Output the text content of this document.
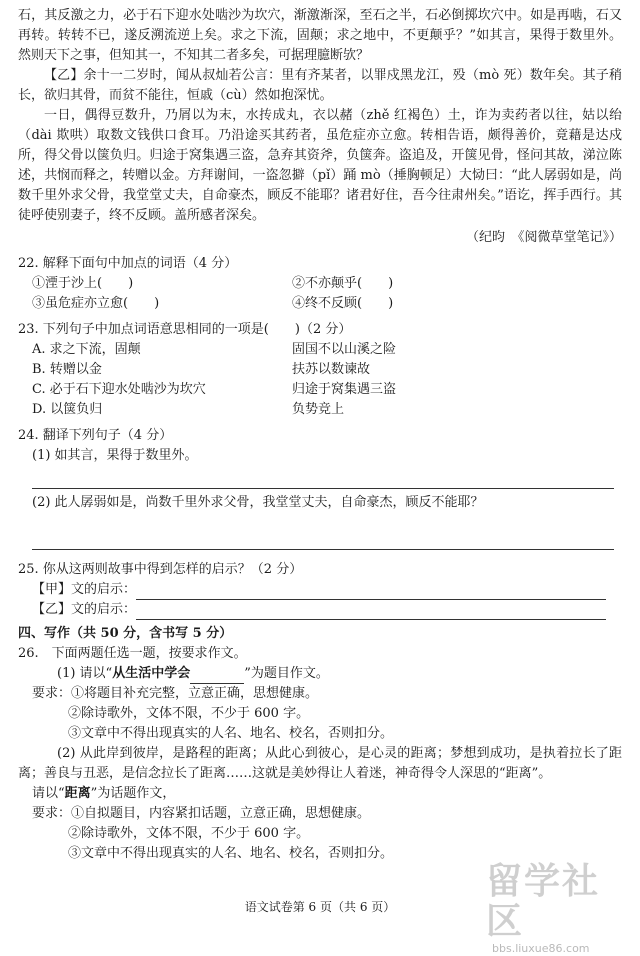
石，其反激之力，必于石下迎水处啮沙为坎穴，渐激渐深，至石之半，石必倒掷坎穴中。如是再啮，石又再转。转转不已，遂反溯流逆上矣。求之下流，固颠；求之地中，不更颠乎？”如其言，果得于数里外。然则天下之事，但知其一，不知其二者多矣，可据理臆断欤？

【乙】余十一二岁时，闻从叔灿若公言：里有齐某者，以罪戍黑龙江，殁（mò 死）数年矣。其子稍长，欲归其骨，而贫不能往，恒戚（cù）然如抱深忧。

一日，偶得豆数升，乃屑以为末，水抟成丸，衣以赭（zhě 红褐色）土，诈为卖药者以往，姑以绐（dài 欺哄）取数文钱供口食耳。乃沿途买其药者，虽危症亦立愈。转相告语，颇得善价，竟藉是达戍所，得父骨以箧负归。归途于窝集遇三盗，急弃其资斧，负箧奔。盗追及，开箧见骨，怪问其故，涕泣陈述，共悯而释之，转赠以金。方拜谢间，一盗忽擗（pǐ）踊 mò（捶胸顿足）大恸曰：“此人孱弱如是，尚数千里外求父骨，我堂堂丈夫，自命豪杰，顾反不能耶？诸君好住，吾今往肃州矣。”语讫，挥手西行。其徒呼使别妻子，终不反顾。盖所感者深矣。

（纪昀　《阅微草堂笔记》）

22. 解释下面句中加点的词语（4 分）

①湮于沙上(　　)	②不亦颠乎(　　)
③虽危症亦立愈(　　)	④终不反顾(　　)

23. 下列句子中加点词语意思相同的一项是(　　)（2 分）

A. 求之下流，固颠	固国不以山溪之险
B. 转赠以金	扶苏以数谏故
C. 必于石下迎水处啮沙为坎穴	归途于窝集遇三盗
D. 以箧负归	负势竞上

24. 翻译下列句子（4 分）

(1) 如其言，果得于数里外。

(2) 此人孱弱如是，尚数千里外求父骨，我堂堂丈夫，自命豪杰，顾反不能耶？

25. 你从这两则故事中得到怎样的启示？（2 分）

【甲】文的启示：

【乙】文的启示：

四、写作（共 50 分，含书写 5 分）

26.　下面两题任选一题，按要求作文。

(1) 请以“从生活中学会	”为题目作文。

要求：①将题目补充完整，立意正确，思想健康。

②除诗歌外，文体不限，不少于 600 字。

③文章中不得出现真实的人名、地名、校名，否则扣分。

(2) 从此岸到彼岸，是路程的距离；从此心到彼心，是心灵的距离；梦想到成功，是执着拉长了距离；善良与丑恶，是信念拉长了距离……这就是美妙得让人着迷，神奇得令人深思的“距离”。

请以“距离”为话题作文，

要求：①自拟题目，内容紧扣话题，立意正确，思想健康。

②除诗歌外，文体不限，不少于 600 字。

③文章中不得出现真实的人名、地名、校名，否则扣分。

语文试卷第 6 页（共 6 页）
留学社区
bbs.liuxue86.com
